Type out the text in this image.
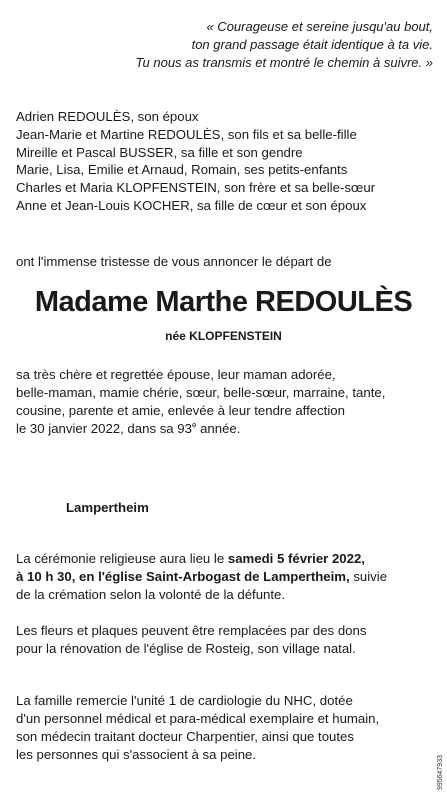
« Courageuse et sereine jusqu'au bout,
ton grand passage était identique à ta vie.
Tu nous as transmis et montré le chemin à suivre. »
Adrien REDOULÈS, son époux
Jean-Marie et Martine REDOULÈS, son fils et sa belle-fille
Mireille et Pascal BUSSER, sa fille et son gendre
Marie, Lisa, Emilie et Arnaud, Romain, ses petits-enfants
Charles et Maria KLOPFENSTEIN, son frère et sa belle-sœur
Anne et Jean-Louis KOCHER, sa fille de cœur et son époux
ont l'immense tristesse de vous annoncer le départ de
Madame Marthe REDOULÈS
née KLOPFENSTEIN
sa très chère et regrettée épouse, leur maman adorée,
belle-maman, mamie chérie, sœur, belle-sœur, marraine, tante,
cousine, parente et amie, enlevée à leur tendre affection
le 30 janvier 2022, dans sa 93e année.
Lampertheim
La cérémonie religieuse aura lieu le samedi 5 février 2022,
à 10 h 30, en l'église Saint-Arbogast de Lampertheim, suivie
de la crémation selon la volonté de la défunte.
Les fleurs et plaques peuvent être remplacées par des dons
pour la rénovation de l'église de Rosteig, son village natal.
La famille remercie l'unité 1 de cardiologie du NHC, dotée
d'un personnel médical et para-médical exemplaire et humain,
son médecin traitant docteur Charpentier, ainsi que toutes
les personnes qui s'associent à sa peine.
995647933
